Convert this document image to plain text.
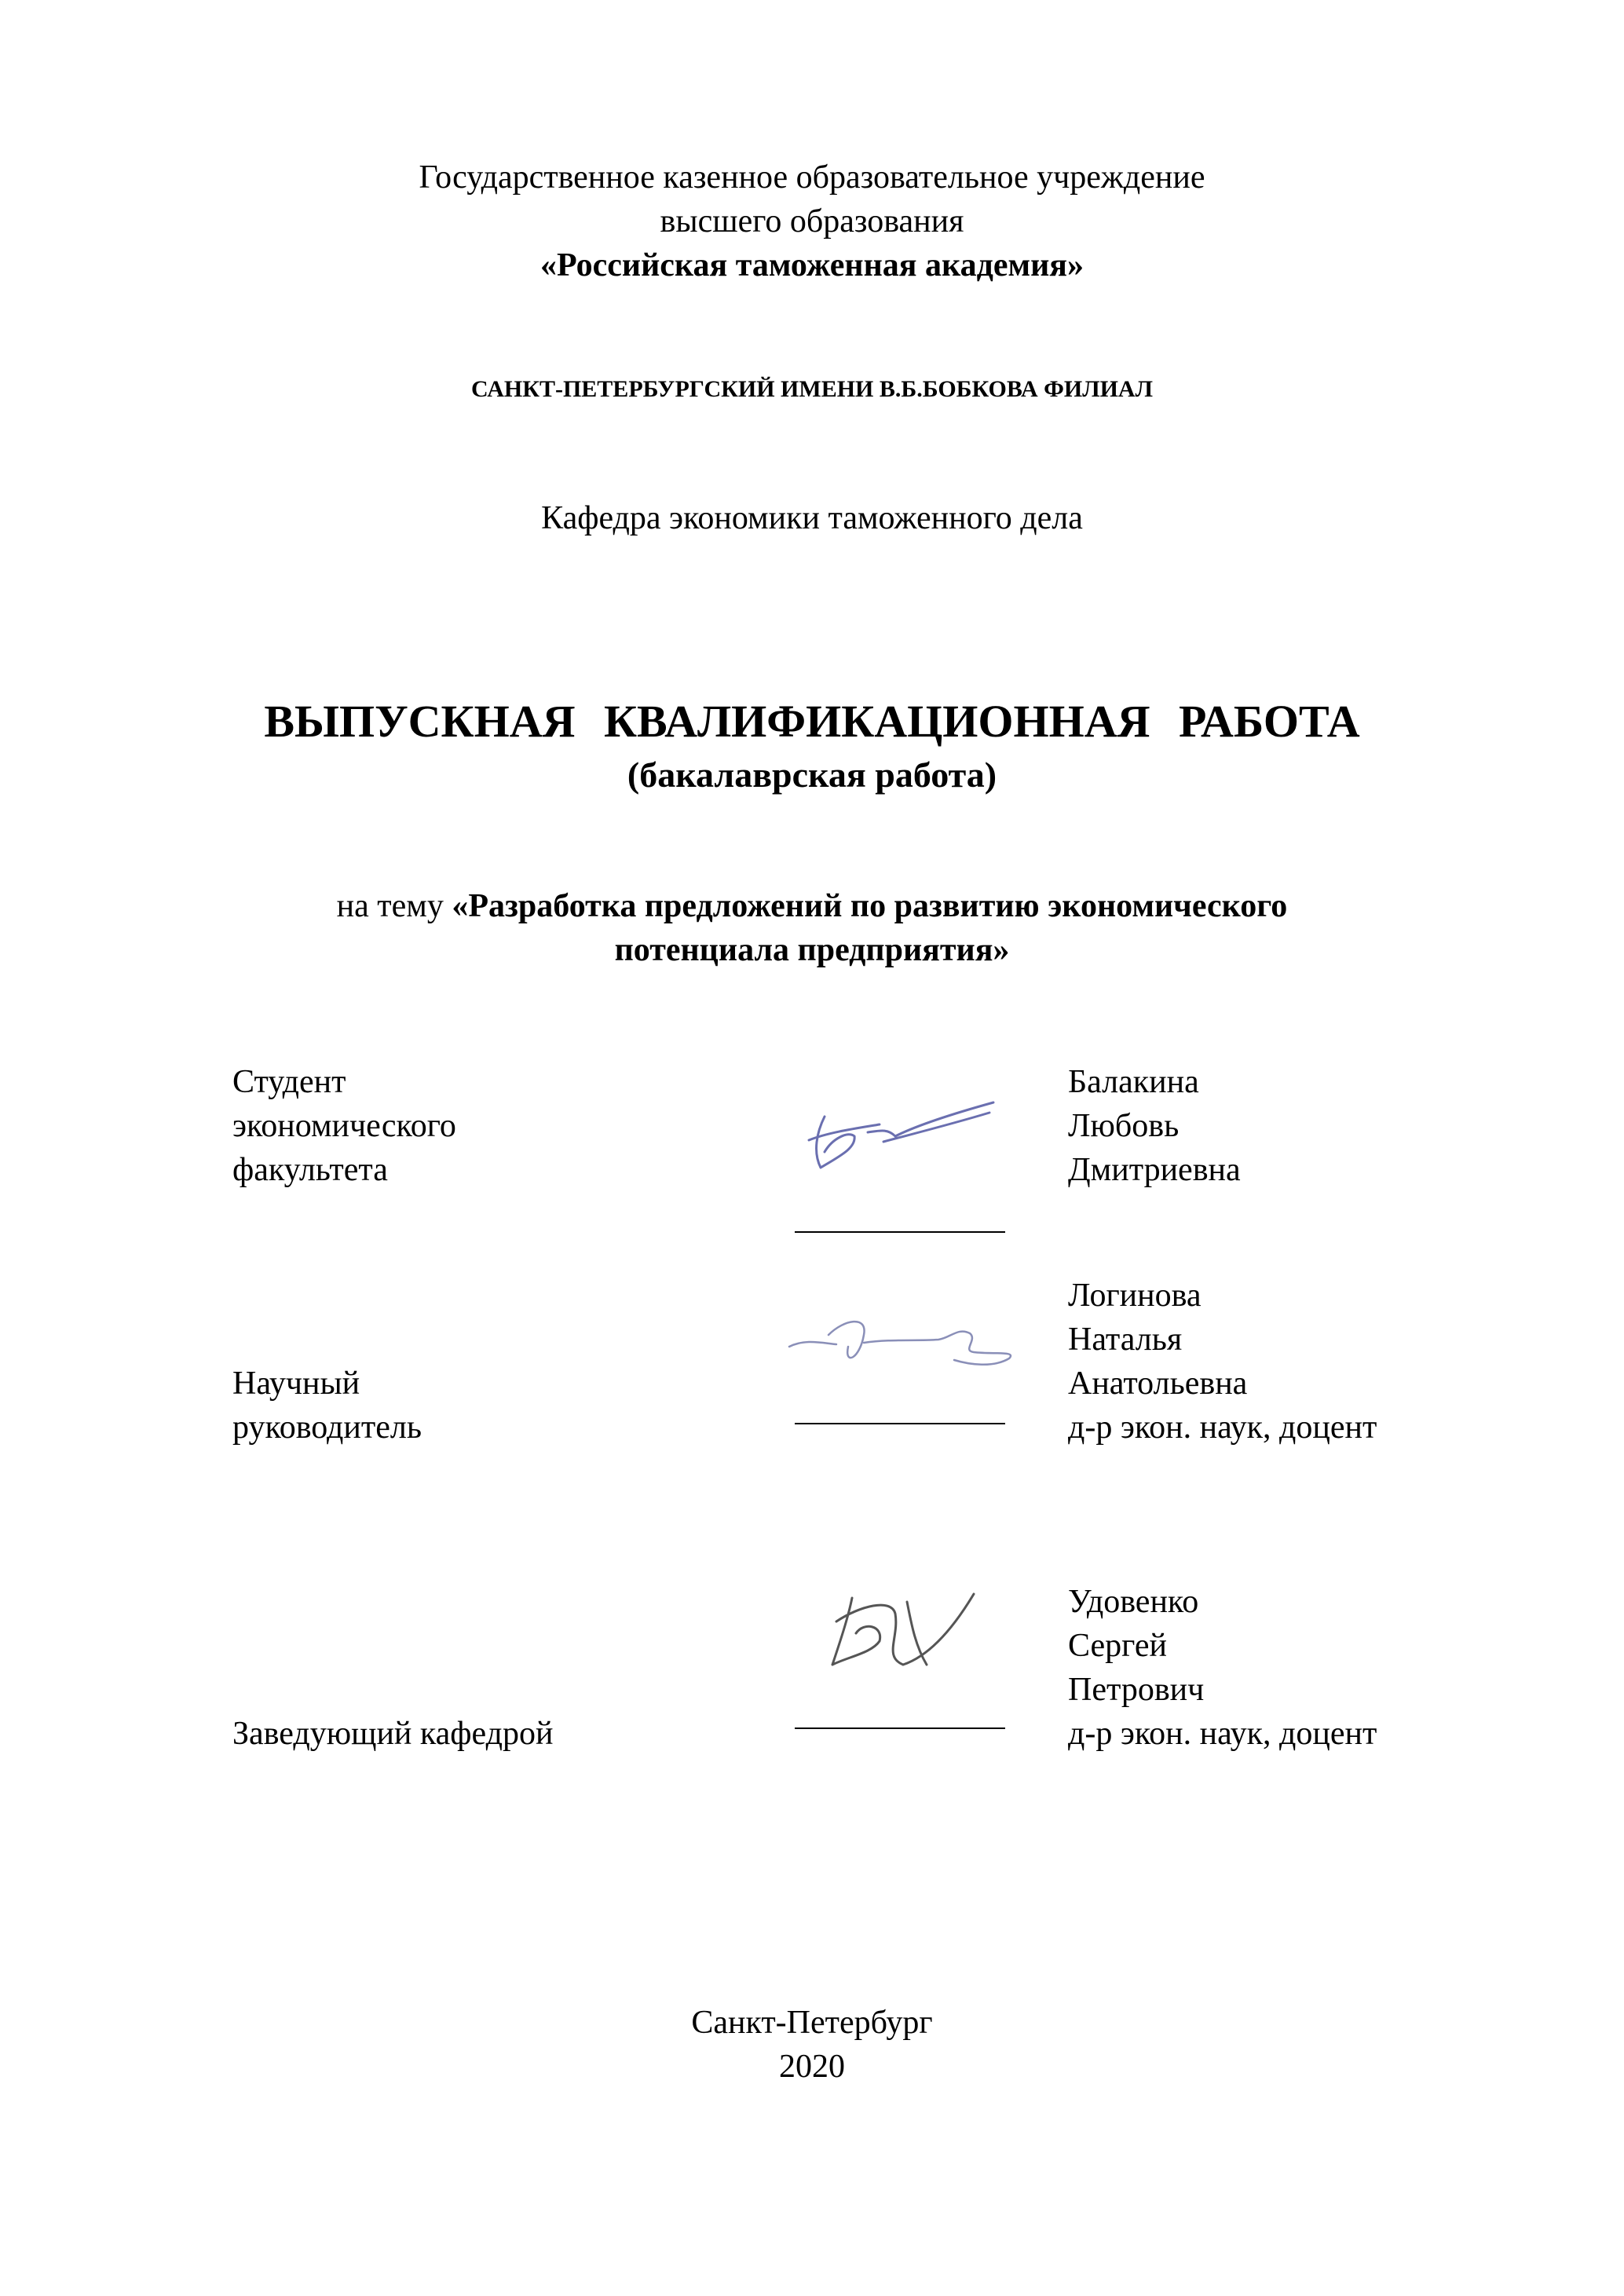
Государственное казенное образовательное учреждение
высшего образования
«Российская таможенная академия»
САНКТ-ПЕТЕРБУРГСКИЙ ИМЕНИ В.Б.БОБКОВА ФИЛИАЛ
Кафедра экономики таможенного дела
ВЫПУСКНАЯ КВАЛИФИКАЦИОННАЯ РАБОТА
(бакалаврская работа)
на тему «Разработка предложений по развитию экономического
потенциала предприятия»
Студент
экономического
факультета
Балакина
Любовь
Дмитриевна
Научный
руководитель
Логинова
Наталья
Анатольевна
д-р экон. наук, доцент
Заведующий кафедрой
Удовенко
Сергей
Петрович
д-р экон. наук, доцент
Санкт-Петербург
2020
